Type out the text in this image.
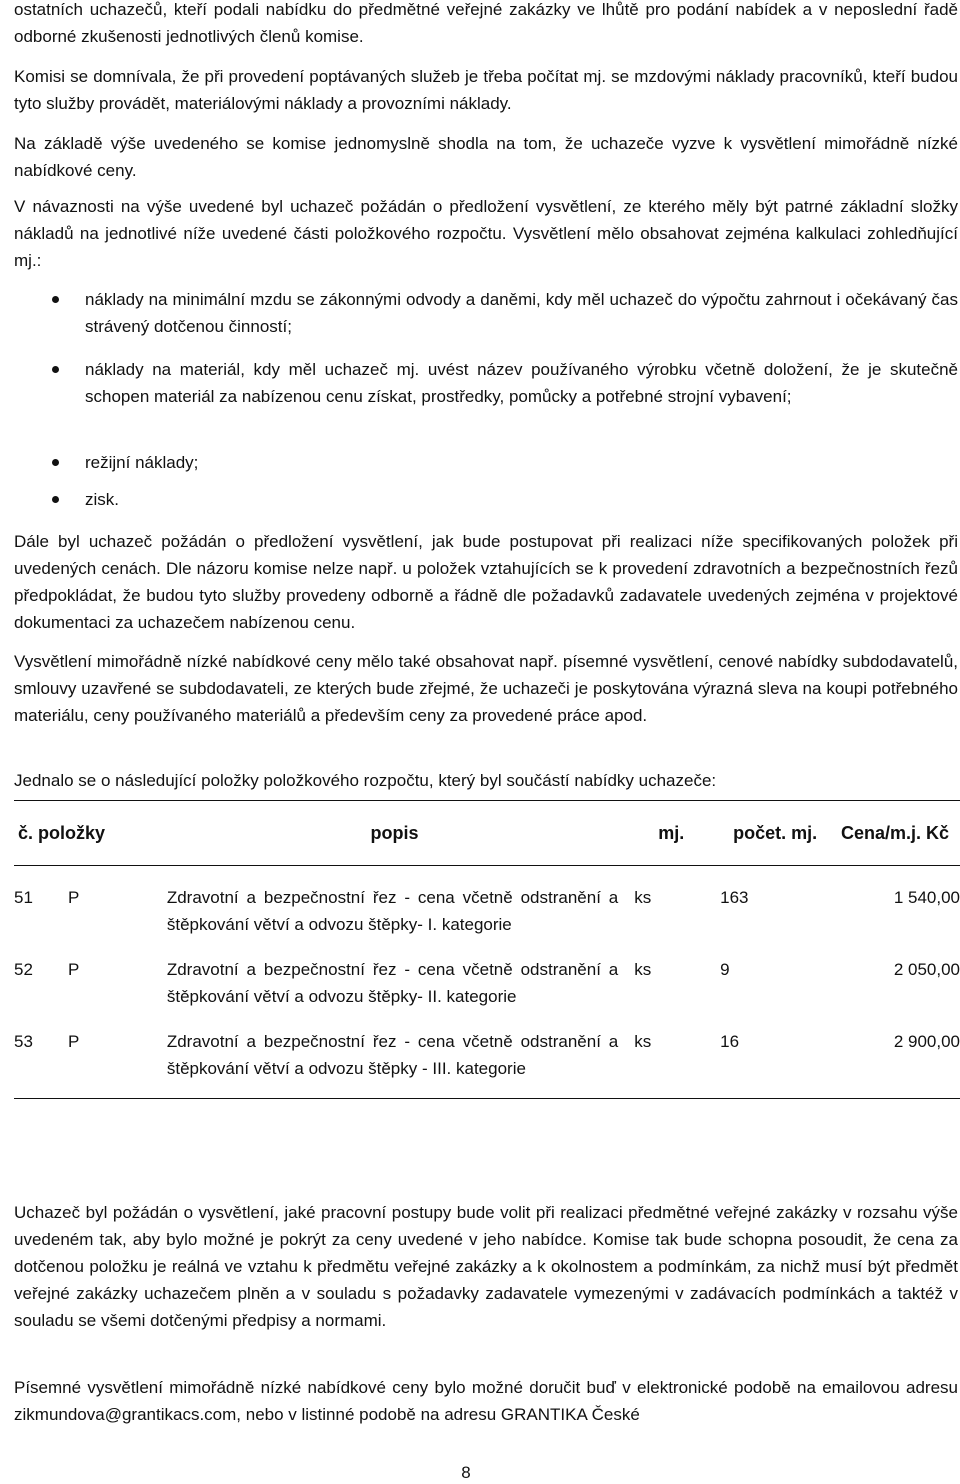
ostatních uchazečů, kteří podali nabídku do předmětné veřejné zakázky ve lhůtě pro podání nabídek a v neposlední řadě odborné zkušenosti jednotlivých členů komise.

Komisi se domnívala, že při provedení poptávaných služeb je třeba počítat mj. se mzdovými náklady pracovníků, kteří budou tyto služby provádět, materiálovými náklady a provozními náklady.

Na základě výše uvedeného se komise jednomyslně shodla na tom, že uchazeče vyzve k vysvětlení mimořádně nízké nabídkové ceny.

V návaznosti na výše uvedené byl uchazeč požádán o předložení vysvětlení, ze kterého měly být patrné základní složky nákladů na jednotlivé níže uvedené části položkového rozpočtu. Vysvětlení mělo obsahovat zejména kalkulaci zohledňující mj.:

náklady na minimální mzdu se zákonnými odvody a daněmi, kdy měl uchazeč do výpočtu zahrnout i očekávaný čas strávený dotčenou činností;
náklady na materiál, kdy měl uchazeč mj. uvést název používaného výrobku včetně doložení, že je skutečně schopen materiál za nabízenou cenu získat, prostředky, pomůcky a potřebné strojní vybavení;
režijní náklady;
zisk.

Dále byl uchazeč požádán o předložení vysvětlení, jak bude postupovat při realizaci níže specifikovaných položek při uvedených cenách. Dle názoru komise nelze např. u položek vztahujících se k provedení zdravotních a bezpečnostních řezů předpokládat, že budou tyto služby provedeny odborně a řádně dle požadavků zadavatele uvedených zejména v projektové dokumentaci za uchazečem nabízenou cenu.

Vysvětlení mimořádně nízké nabídkové ceny mělo také obsahovat např. písemné vysvětlení, cenové nabídky subdodavatelů, smlouvy uzavřené se subdodavateli, ze kterých bude zřejmé, že uchazeči je poskytována výrazná sleva na koupi potřebného materiálu, ceny používaného materiálů a především ceny za provedené práce apod.

Jednalo se o následující položky položkového rozpočtu, který byl součástí nabídky uchazeče:

č. položky		popis	mj.	počet. mj.	Cena/m.j. Kč
51	P	Zdravotní a bezpečnostní řez - cena včetně odstranění a štěpkování větví a odvozu štěpky- I. kategorie	ks	163	1 540,00
52	P	Zdravotní a bezpečnostní řez - cena včetně odstranění a štěpkování větví a odvozu štěpky- II. kategorie	ks	9	2 050,00
53	P	Zdravotní a bezpečnostní řez - cena včetně odstranění a štěpkování větví a odvozu štěpky - III. kategorie	ks	16	2 900,00

Uchazeč byl požádán o vysvětlení, jaké pracovní postupy bude volit při realizaci předmětné veřejné zakázky v rozsahu výše uvedeném tak, aby bylo možné je pokrýt za ceny uvedené v jeho nabídce. Komise tak bude schopna posoudit, že cena za dotčenou položku je reálná ve vztahu k předmětu veřejné zakázky a k okolnostem a podmínkám, za nichž musí být předmět veřejné zakázky uchazečem plněn a v souladu s požadavky zadavatele vymezenými v zadávacích podmínkách a taktéž v souladu se všemi dotčenými předpisy a normami.

Písemné vysvětlení mimořádně nízké nabídkové ceny bylo možné doručit buď v elektronické podobě na emailovou adresu zikmundova@grantikacs.com, nebo v listinné podobě na adresu GRANTIKA České

8
